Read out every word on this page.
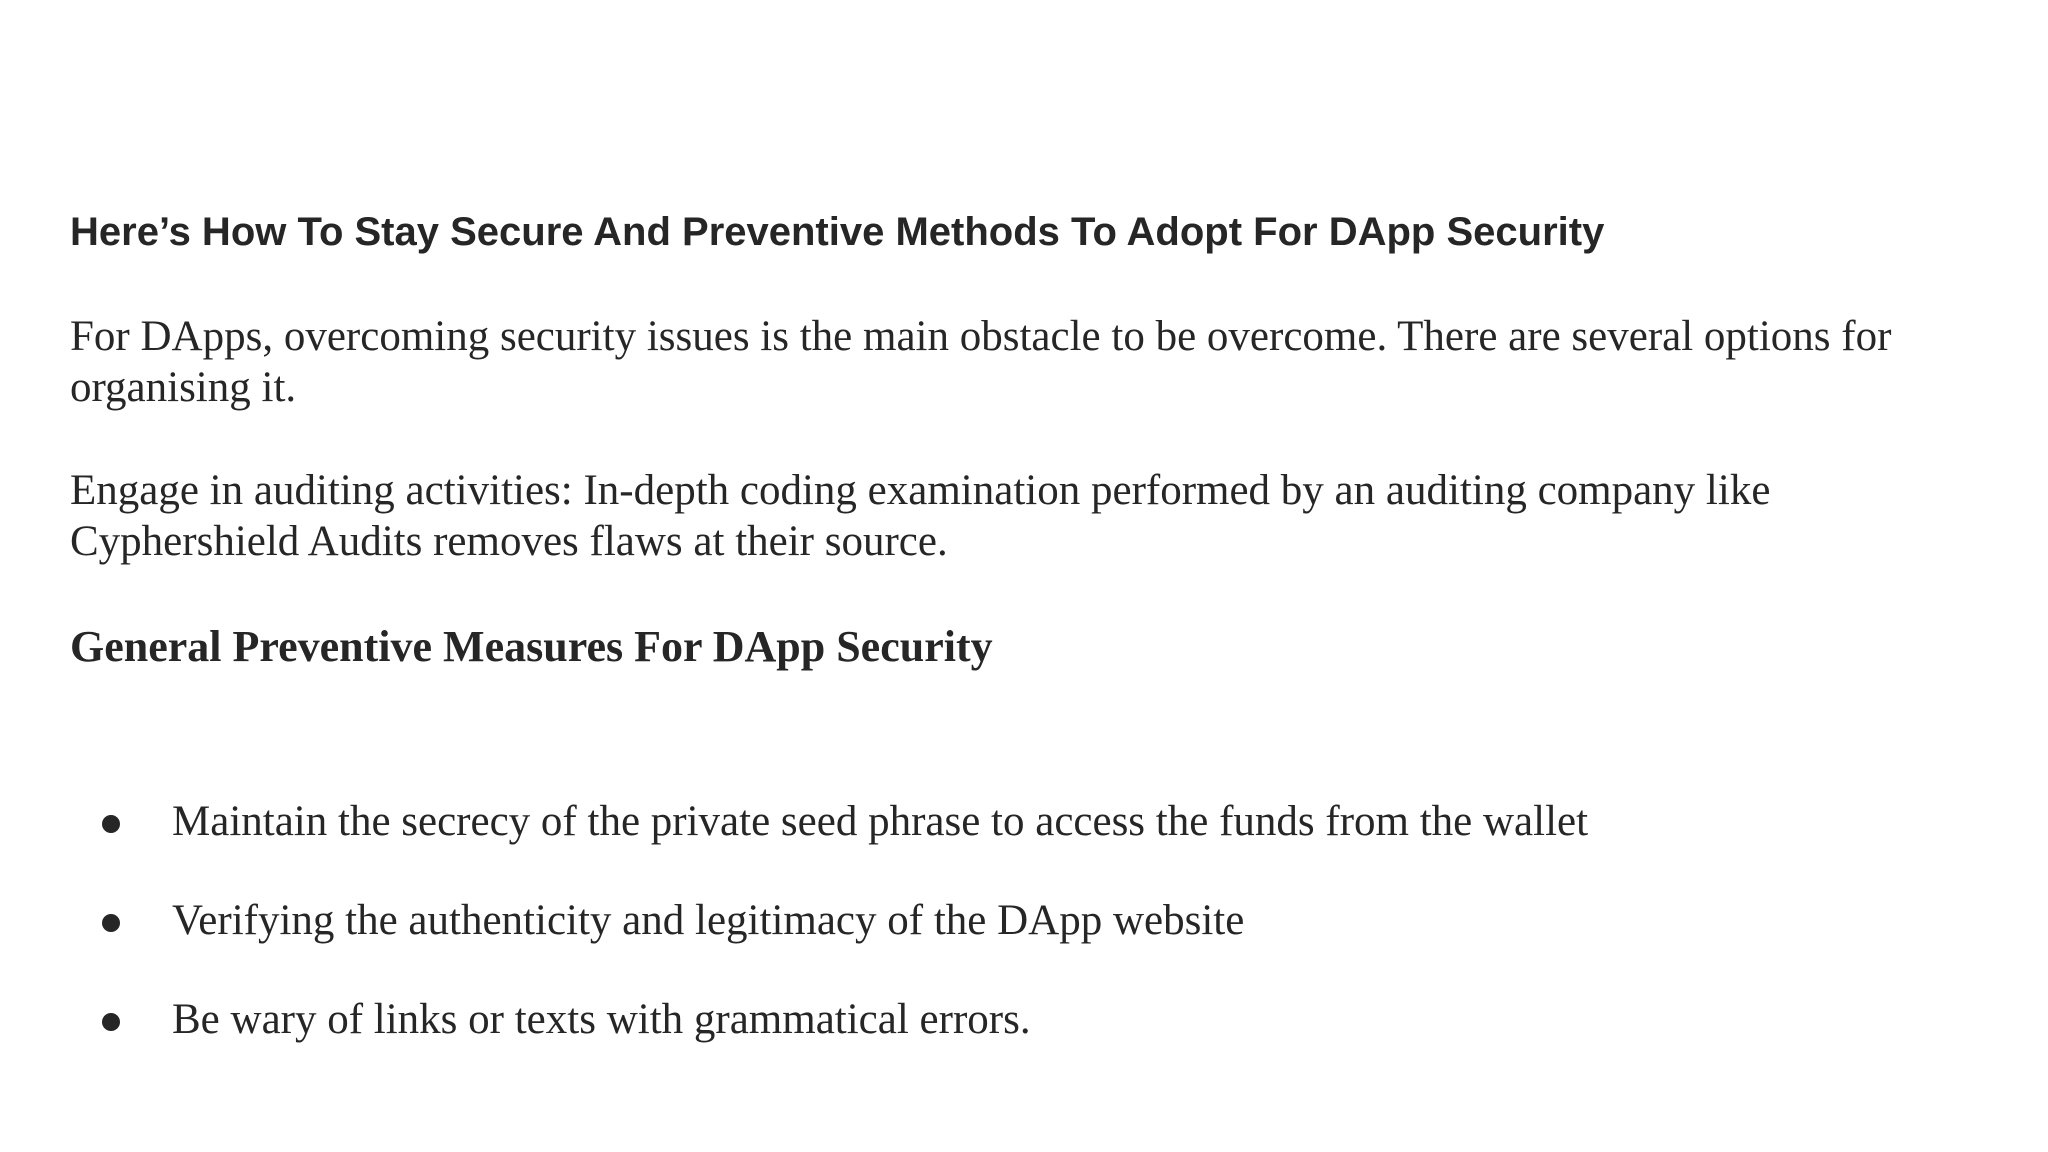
Here’s How To Stay Secure And Preventive Methods To Adopt For DApp Security

For DApps, overcoming security issues is the main obstacle to be overcome. There are several options for organising it.

Engage in auditing activities: In-depth coding examination performed by an auditing company like Cyphershield Audits removes flaws at their source.

General Preventive Measures For DApp Security
Maintain the secrecy of the private seed phrase to access the funds from the wallet
Verifying the authenticity and legitimacy of the DApp website
Be wary of links or texts with grammatical errors.
